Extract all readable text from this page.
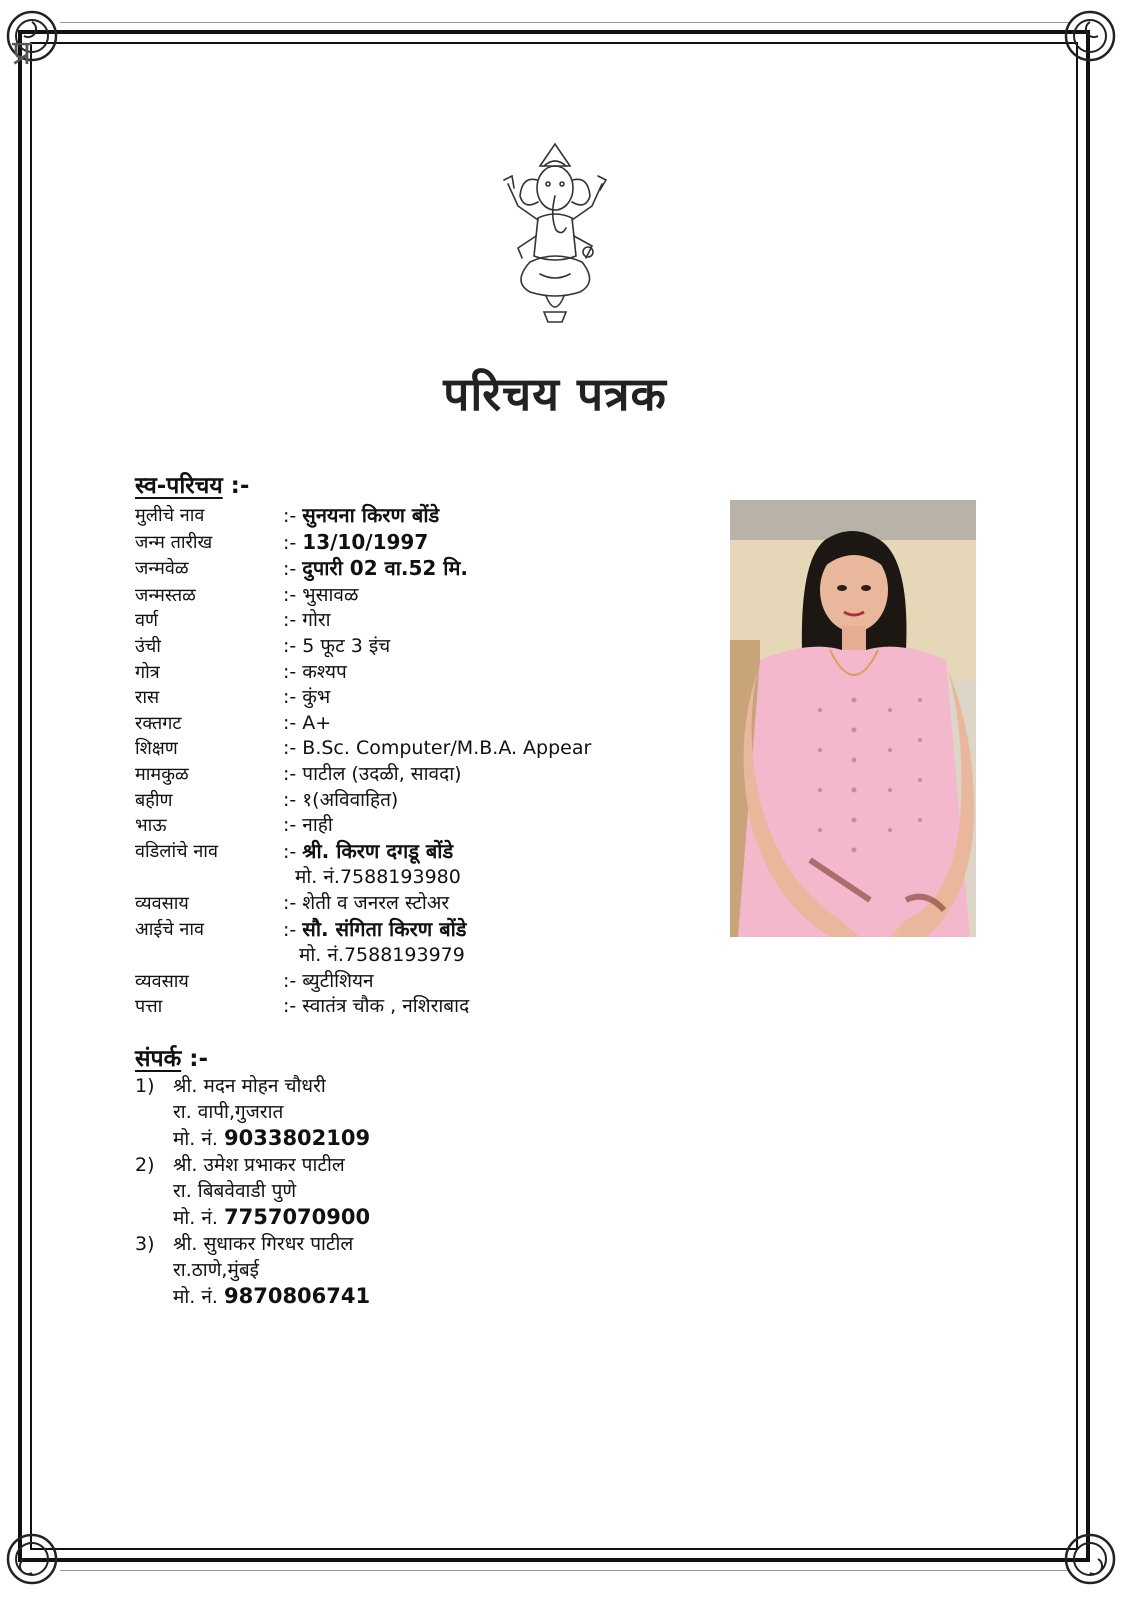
प्र
परिचय पत्रक
स्व-परिचय :-
मुलीचे नाव	:- सुनयना किरण बोंडे
जन्म तारीख	:- 13/10/1997
जन्मवेळ	:- दुपारी 02 वा.52 मि.
जन्मस्तळ	:- भुसावळ
वर्ण	:- गोरा
उंची	:- 5 फूट 3 इंच
गोत्र	:- कश्यप
रास	:- कुंभ
रक्तगट	:- A+
शिक्षण	:- B.Sc. Computer/M.B.A. Appear
मामकुळ	:- पाटील (उदळी, सावदा)
बहीण	:- १(अविवाहित)
भाऊ	:- नाही
वडिलांचे नाव	:- श्री. किरण दगडू बोंडे
मो. नं.7588193980
व्यवसाय	:- शेती व जनरल स्टोअर
आईचे नाव	:- सौ. संगिता किरण बोंडे
मो. नं.7588193979
व्यवसाय	:- ब्युटीशियन
पत्ता	:- स्वातंत्र चौक , नशिराबाद
संपर्क :-
1) श्री. मदन मोहन चौधरी
रा. वापी,गुजरात
मो. नं. 9033802109
2) श्री. उमेश प्रभाकर पाटील
रा. बिबवेवाडी पुणे
मो. नं. 7757070900
3) श्री. सुधाकर गिरधर पाटील
रा.ठाणे,मुंबई
मो. नं. 9870806741
